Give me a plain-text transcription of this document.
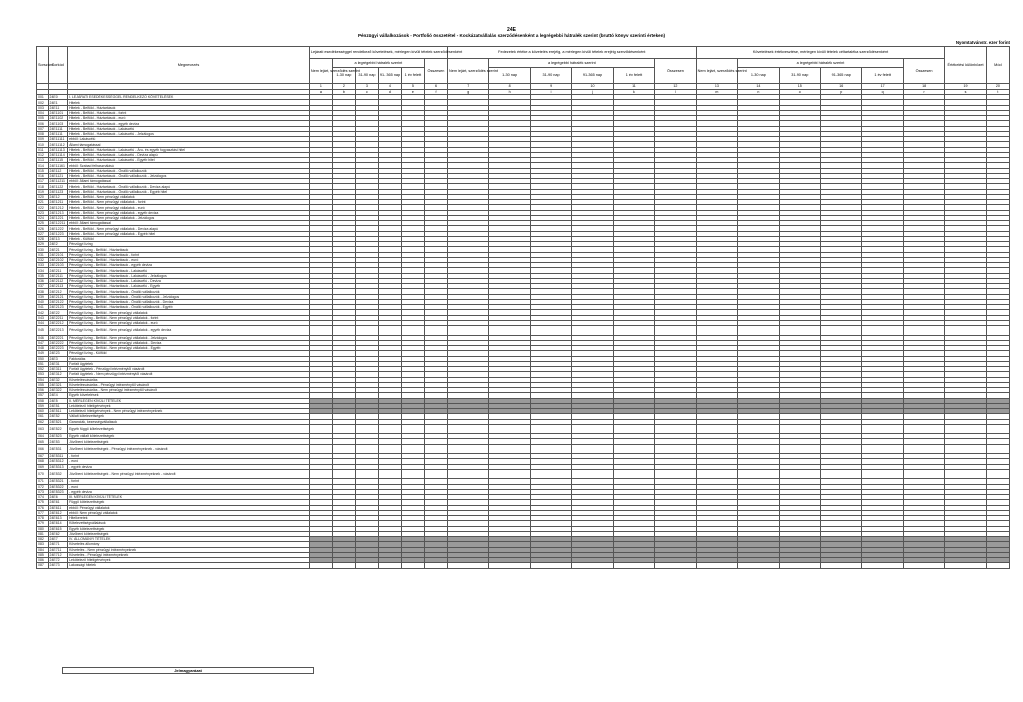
24E
Pénzügyi vállalkozások - Portfolió összetétel - Kockázatvállalás szerződésenként a legrégebbi hátralék szerint (bruttó könyv szerinti érteken)
Nyomtatvánstr. ezer forint
Sorszám	Sorkód	Megnevezés	Lejárati esedékességgel rendelkező követelések, mérlegen kívüli tételek szerződésenként						Fedezetek értéke a követelés erejéig, a mérlegen kívüli tételek erejéig szerződésenként						Követelések értékvesztése, mérlegen kívüli tételek céltartaléka szerződésenként						Értékelési különbözet	Mód
			Nem lejárt, szerződés szerint	a legrégebbi hátralék szerint				Összesen	Nem lejárt, szerződés szerint	a legrégebbi hátralék szerint				Összesen	Nem lejárt, szerződés szerint	a legrégebbi hátralék szerint				Összesen		
				1-30 nap	31-90 nap	91- 365 nap	1 év felett			1-30 nap	31-90 nap	91-365 nap	1 év felett			1-30 nap	31-90 nap	91-365 nap	1 év felett			
			1	2	3	4	5	6	7	8	9	10	11	12	13	14	15	16	17	18	19	20
			a	b	c	d	e	f	g	h	i	j	k	l	m	n	o	p	q	r	s	t
001	24E0	I. LEJÁRATI ESEDÉKESSÉGGEL RENDELKEZŐ KÖVETELÉSEK																				
002	24E1	Hitelek																				
003	24E11	Hitelek - Belföld - Háztartások																				
004	24E1101	Hitelek - Belföld - Háztartások - forint																				
005	24E1102	Hitelek - Belföld - Háztartások - euró																				
006	24E1103	Hitelek - Belföld - Háztartások - egyéb deviza																				
007	24E1111	Hitelek - Belföld - Háztartások - Lakáscélú																				
008	24E1111	Hitelek - Belföld - Háztartások - Lakáscélú - Jelzálogos																				
009	24E11111	ebből: Lakáscélú																				
010	24E11112	Állami támogatással																				
011	24E11113	Hitelek - Belföld - Háztartások - Lakáscélú - Áru- és egyéb fogyasztási hitel																				
012	24E11114	Hitelek - Belföld - Háztartások - Lakáscélú - Deviza alapú																				
013	24E1115	Hitelek - Belföld - Háztartások - Lakáscélú - Egyéb hitel																				
014	24E11161	ebből: Szabad felhasználású																				
015	24E112	Hitelek - Belföld - Háztartások - Önálló vállalkozók																				
016	24E1121	Hitelek - Belföld - Háztartások - Önálló vállalkozók - Jelzálogos																				
017	24E11211	ebből: Állami támogatással																				
018	24E1122	Hitelek - Belföld - Háztartások - Önálló vállalkozók - Deviza alapú																				
019	24E1123	Hitelek - Belföld - Háztartások - Önálló vállalkozók - Egyéb hitel																				
020	24E12	Hitelek - Belföld - Nem pénzügyi vállalatok																				
021	24E1211	Hitelek - Belföld - Nem pénzügyi vállalatok - forint																				
022	24E1212	Hitelek - Belföld - Nem pénzügyi vállalatok - euró																				
023	24E1213	Hitelek - Belföld - Nem pénzügyi vállalatok - egyéb deviza																				
024	24E1221	Hitelek - Belföld - Nem pénzügyi vállalatok - Jelzálogos																				
025	24E12211	ebből: Állami támogatással																				
026	24E1222	Hitelek - Belföld - Nem pénzügyi vállalatok - Deviza alapú																				
027	24E1223	Hitelek - Belföld - Nem pénzügyi vállalatok - Egyéb hitel																				
028	24E13	Hitelek - Külföld																				
029	24E2	Pénzügyi lízing																				
030	24E21	Pénzügyi lízing - Belföld - Háztartások																				
031	24E2101	Pénzügyi lízing - Belföld - Háztartások - forint																				
032	24E2102	Pénzügyi lízing - Belföld - Háztartások - euró																				
033	24E2103	Pénzügyi lízing - Belföld - Háztartások - egyéb deviza																				
034	24E211	Pénzügyi lízing - Belföld - Háztartások - Lakáscélú																				
035	24E2111	Pénzügyi lízing - Belföld - Háztartások - Lakáscélú - Jelzálogos																				
036	24E2112	Pénzügyi lízing - Belföld - Háztartások - Lakáscélú - Deviza																				
037	24E2113	Pénzügyi lízing - Belföld - Háztartások - Lakáscélú - Egyéb																				
038	24E212	Pénzügyi lízing - Belföld - Háztartások - Önálló vállalkozók																				
039	24E2121	Pénzügyi lízing - Belföld - Háztartások - Önálló vállalkozók - Jelzálogos																				
040	24E2122	Pénzügyi lízing - Belföld - Háztartások - Önálló vállalkozók - Deviza																				
041	24E2123	Pénzügyi lízing - Belföld - Háztartások - Önálló vállalkozók - Egyéb																				
042	24E22	Pénzügyi lízing - Belföld - Nem pénzügyi vállalatok																				
043	24E2211	Pénzügyi lízing - Belföld - Nem pénzügyi vállalatok - forint																				
044	24E2212	Pénzügyi lízing - Belföld - Nem pénzügyi vállalatok - euró																				
045	24E2213	Pénzügyi lízing - Belföld - Nem pénzügyi vállalatok - egyéb deviza																				
046	24E2221	Pénzügyi lízing - Belföld - Nem pénzügyi vállalatok - Jelzálogos																				
047	24E2222	Pénzügyi lízing - Belföld - Nem pénzügyi vállalatok - Deviza																				
048	24E2223	Pénzügyi lízing - Belföld - Nem pénzügyi vállalatok - Egyéb																				
049	24E23	Pénzügyi lízing - Külföld																				
050	24E3	Faktorálás																				
051	24E31	Forfait ügyletek																				
052	24E311	Forfait ügyletek - Pénzügyi intézménytől vásárolt																				
053	24E312	Forfait ügyletek - Nem pénzügyi intézménytől vásárolt																				
054	24E32	Követelésvásárlás																				
055	24E321	Követelésvásárlás - Pénzügyi intézménytől vásárolt																				
056	24E322	Követelésvásárlás - Nem pénzügyi intézménytől vásárolt																				
057	24E4	Egyéb követelések																				
058	24E5	II. MÉRLEGEN KÍVÜLI TÉTELEK																				
059	24E51	Lekötelező hitelígérvények																				
060	24E511	Lekötelező hitelígérvények - Nem pénzügyi intézményeknek																				
061	24E52	Vállalt kötelezettségek																				
062	24E521	Garanciák, kezességvállalások																				
063	24E522	Egyéb függő kötelezettségek																				
064	24E523	Egyéb vállalt kötelezettségek																				
065	24E53	Jövőbeni kötelezettségek																				
066	24E531	Jövőbeni kötelezettségek - Pénzügyi intézményeknek - vásárolt																				
067	24E5311	- forint																				
068	24E5312	- euró																				
069	24E5313	- egyéb deviza																				
070	24E532	Jövőbeni kötelezettségek - Nem pénzügyi intézményeknek - vásárolt																				
071	24E5321	- forint																				
072	24E5322	- euró																				
073	24E5323	- egyéb deviza																				
074	24E6	III. MÉRLEGEN KÍVÜLI TÉTELEK																				
075	24E61	Függő kötelezettségek																				
076	24E611	ebből: Pénzügyi vállalatok																				
077	24E612	ebből: Nem pénzügyi vállalatok																				
078	24E613	Hitelkeretek																				
079	24E614	Kötelezettségvállalások																				
080	24E615	Egyéb kötelezettségek																				
081	24E62	Jövőbeni kötelezettségek																				
082	24E7	IV. ÁLLOMÁNYI TÉTELEK																				
083	24E71	Követelés állomány																				
084	24E711	Követelés - Nem pénzügyi intézményeknek																				
085	24E712	Követelés - Pénzügyi intézményeknek																				
086	24E72	Lekötelező hitelígérvények																				
087	24E73	Lakossági hitelek																				
Jelmagyarázat
